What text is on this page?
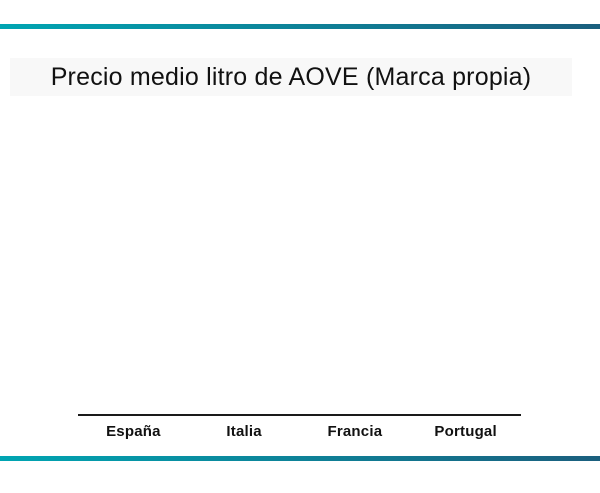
Precio medio litro de AOVE (Marca propia)
España	Italia	Francia	Portugal
